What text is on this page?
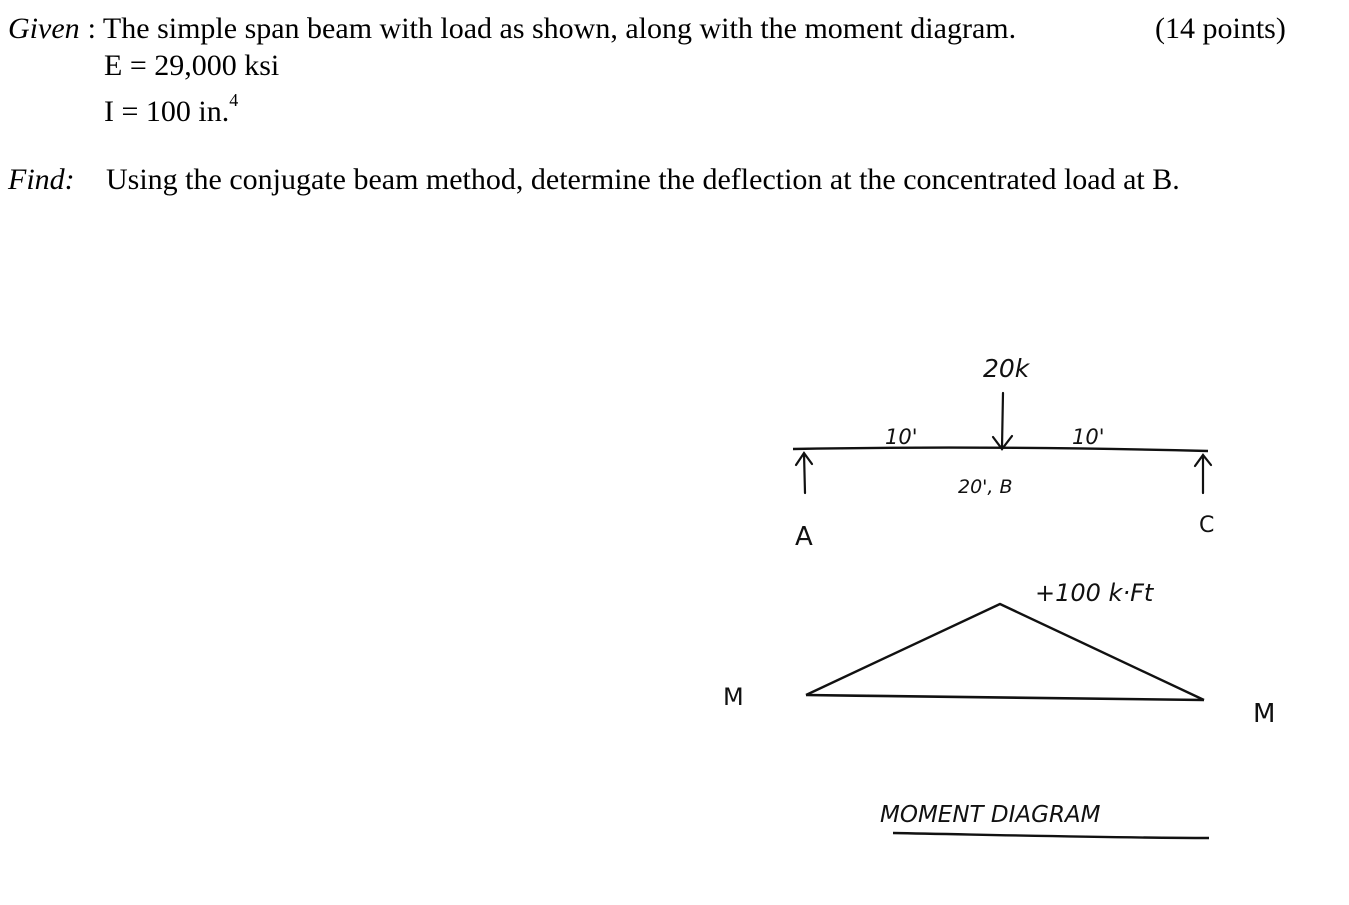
Given : The simple span beam with load as shown, along with the moment diagram.	(14 points)
E = 29,000 ksi
I = 100 in.$^4$
Find: Using the conjugate beam method, determine the deflection at the concentrated load at B.
20k
10'	10'
20', B
A	C
+100 k·Ft
M
M
MOMENT DIAGRAM
